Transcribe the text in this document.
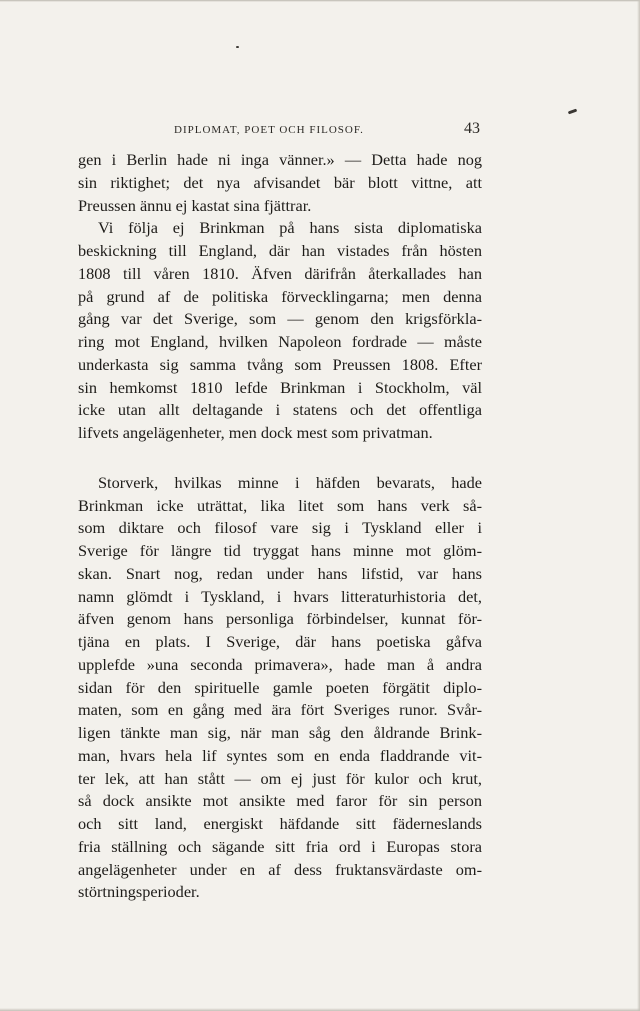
DIPLOMAT, POET OCH FILOSOF.	43
gen i Berlin hade ni inga vänner.» — Detta hade nog
sin riktighet; det nya afvisandet bär blott vittne, att
Preussen ännu ej kastat sina fjättrar.
Vi följa ej Brinkman på hans sista diplomatiska
beskickning till England, där han vistades från hösten
1808 till våren 1810. Äfven därifrån återkallades han
på grund af de politiska förvecklingarna; men denna
gång var det Sverige, som — genom den krigsförkla-
ring mot England, hvilken Napoleon fordrade — måste
underkasta sig samma tvång som Preussen 1808. Efter
sin hemkomst 1810 lefde Brinkman i Stockholm, väl
icke utan allt deltagande i statens och det offentliga
lifvets angelägenheter, men dock mest som privatman.
Storverk, hvilkas minne i häfden bevarats, hade
Brinkman icke uträttat, lika litet som hans verk så-
som diktare och filosof vare sig i Tyskland eller i
Sverige för längre tid tryggat hans minne mot glöm-
skan. Snart nog, redan under hans lifstid, var hans
namn glömdt i Tyskland, i hvars litteraturhistoria det,
äfven genom hans personliga förbindelser, kunnat för-
tjäna en plats. I Sverige, där hans poetiska gåfva
upplefde »una seconda primavera», hade man å andra
sidan för den spirituelle gamle poeten förgätit diplo-
maten, som en gång med ära fört Sveriges runor. Svår-
ligen tänkte man sig, när man såg den åldrande Brink-
man, hvars hela lif syntes som en enda fladdrande vit-
ter lek, att han stått — om ej just för kulor och krut,
så dock ansikte mot ansikte med faror för sin person
och sitt land, energiskt häfdande sitt fäderneslands
fria ställning och sägande sitt fria ord i Europas stora
angelägenheter under en af dess fruktansvärdaste om-
störtningsperioder.
